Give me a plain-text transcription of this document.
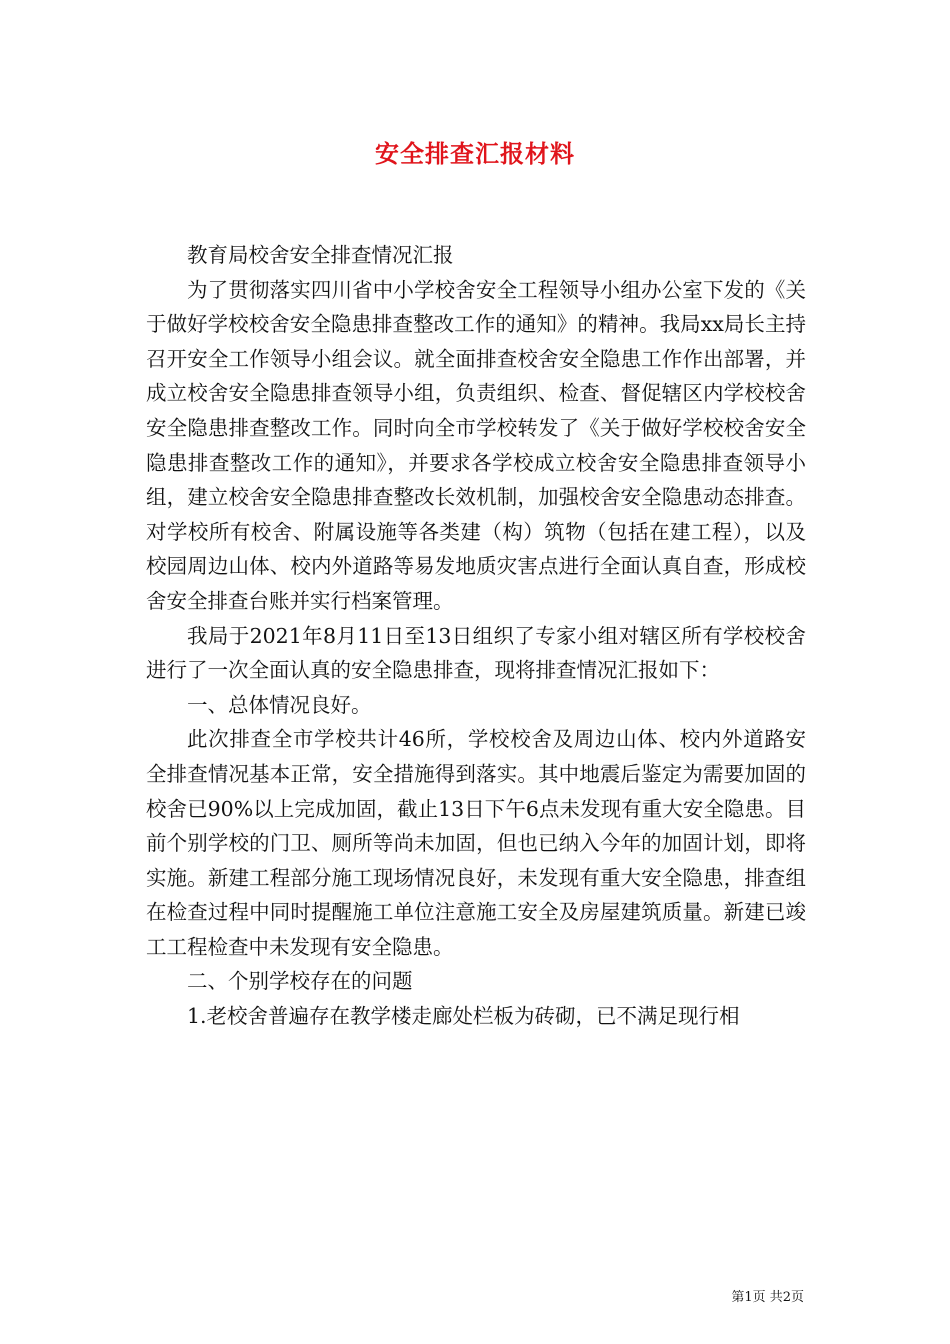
安全排查汇报材料

教育局校舍安全排查情况汇报

为了贯彻落实四川省中小学校舍安全工程领导小组办公室下发的《关于做好学校校舍安全隐患排查整改工作的通知》的精神。我局xx局长主持召开安全工作领导小组会议。就全面排查校舍安全隐患工作作出部署，并成立校舍安全隐患排查领导小组，负责组织、检查、督促辖区内学校校舍安全隐患排查整改工作。同时向全市学校转发了《关于做好学校校舍安全隐患排查整改工作的通知》，并要求各学校成立校舍安全隐患排查领导小组，建立校舍安全隐患排查整改长效机制，加强校舍安全隐患动态排查。对学校所有校舍、附属设施等各类建（构）筑物（包括在建工程），以及校园周边山体、校内外道路等易发地质灾害点进行全面认真自查，形成校舍安全排查台账并实行档案管理。

我局于2021年8月11日至13日组织了专家小组对辖区所有学校校舍进行了一次全面认真的安全隐患排查，现将排查情况汇报如下：

一、总体情况良好。

此次排查全市学校共计46所，学校校舍及周边山体、校内外道路安全排查情况基本正常，安全措施得到落实。其中地震后鉴定为需要加固的校舍已90%以上完成加固，截止13日下午6点未发现有重大安全隐患。目前个别学校的门卫、厕所等尚未加固，但也已纳入今年的加固计划，即将实施。新建工程部分施工现场情况良好，未发现有重大安全隐患，排查组在检查过程中同时提醒施工单位注意施工安全及房屋建筑质量。新建已竣工工程检查中未发现有安全隐患。

二、个别学校存在的问题

1.老校舍普遍存在教学楼走廊处栏板为砖砌，已不满足现行相

第1页 共2页
